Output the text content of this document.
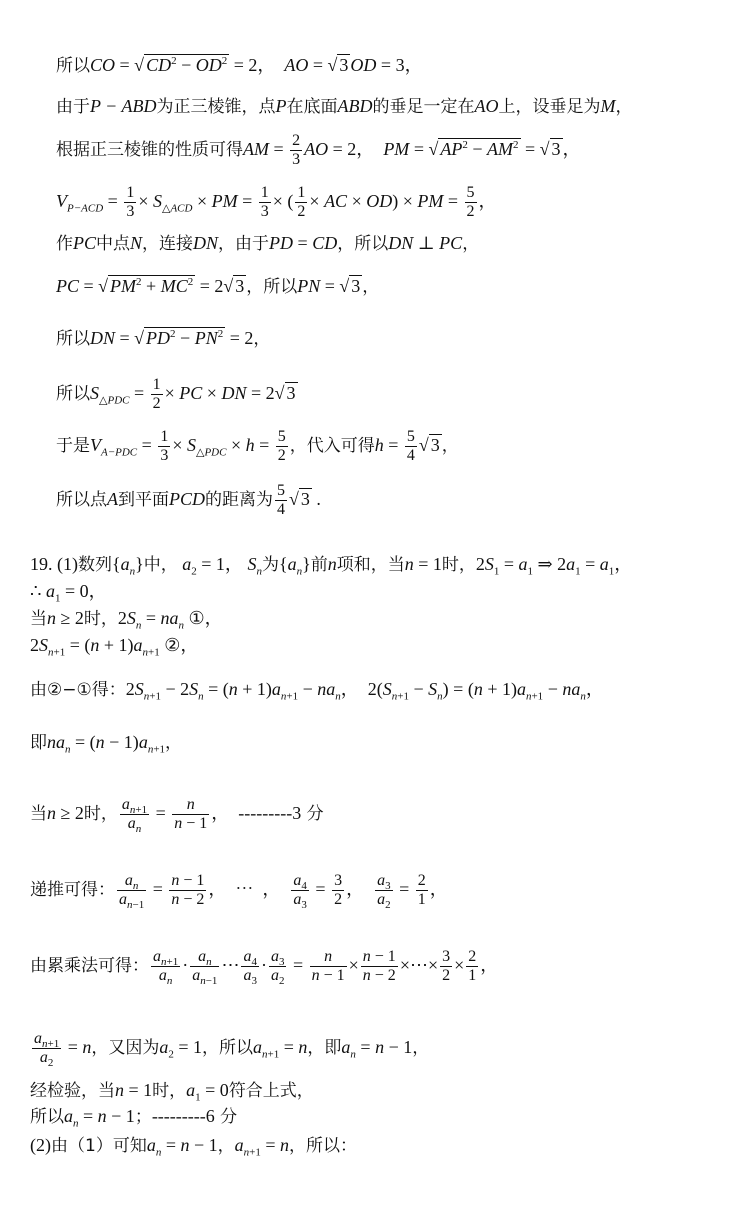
所以CO = √ $CD^2 - OD^2 = 2$，  AO = √ 3 OD = 3，
由于P − ABD为正三棱锥，点P在底面ABD的垂足一定在AO上，设垂足为M，
根据正三棱锥的性质可得AM = $\frac{2}{3}$ AO = 2，  PM = √ $AP^2 - AM^2$ = √ 3 ，
$V_{P-ACD} = \frac{1}{3} \times S_{\triangle ACD}$ × PM = $\frac{1}{3}$ × ( $\frac{1}{2}$ × AC × OD) × PM = $\frac{5}{2}$ ，
作PC中点N，连接DN，由于PD = CD，所以DN ⊥ PC，
PC = √ $PM^2 + MC^2 = 2√$ 3 ，所以PN = √ 3 ，
所以DN = √ $PD^2 - PN^2 = 2$，
所以$S_{\triangle PDC} = \frac{1}{2}$ × PC × DN = 2√ 3
于是$V_{A-PDC} = \frac{1}{3} \times S_{\triangle PDC} \times h = \frac{5}{2}$ ，代入可得$h = \frac{5}{4}$ √ 3 ，
所以点A到平面PCD的距离为 $\frac{5}{4}$ √ 3 .
19. (1)数列$\{a_n\}$中， $a_2 = 1$， $S_n$为$\{a_n\}$前n项和，当n = 1时，$2S_1 = a_1$ ⇒ $2a_1 = a_1$，
∴ $a_1 = 0$，
当n ≥ 2时，$2S_n = na_n$ ①，
$2S_{n+1} = (n + 1)a_{n+1}$ ②，
由②−①得：$2S_{n+1} - 2S_n = (n + 1)a_{n+1} - na_n$，  $2(S_{n+1} - S_n) = (n + 1)a_{n+1} - na_n$，
即$na_n = (n - 1)a_{n+1}$，
当n ≥ 2时， $\frac{a_{n+1}}{a_n} = \frac{n}{n - 1}$ ，  ---------3 分
递推可得： $\frac{a_n}{a_{n-1}} = \frac{n - 1}{n - 2}$ ，  ⋯  ， $\frac{a_4}{a_3} = \frac{3}{2}$ ， $\frac{a_3}{a_2} = \frac{2}{1}$ ，
由累乘法可得： $\frac{a_{n+1}}{a_n} \cdot \frac{a_n}{a_{n-1}}$ ⋯ $\frac{a_4}{a_3} \cdot \frac{a_3}{a_2} = \frac{n}{n - 1} \times \frac{n - 1}{n - 2}$ ×⋯× $\frac{3}{2} \times \frac{2}{1}$ ，
$\frac{a_{n+1}}{a_2} = n$，又因为$a_2 = 1$，所以$a_{n+1} = n$，即$a_n = n - 1$，
经检验，当n = 1时，$a_1 = 0$符合上式，
所以$a_n = n - 1$；---------6 分
(2)由（1）可知$a_n = n - 1$，$a_{n+1} = n$，所以：
